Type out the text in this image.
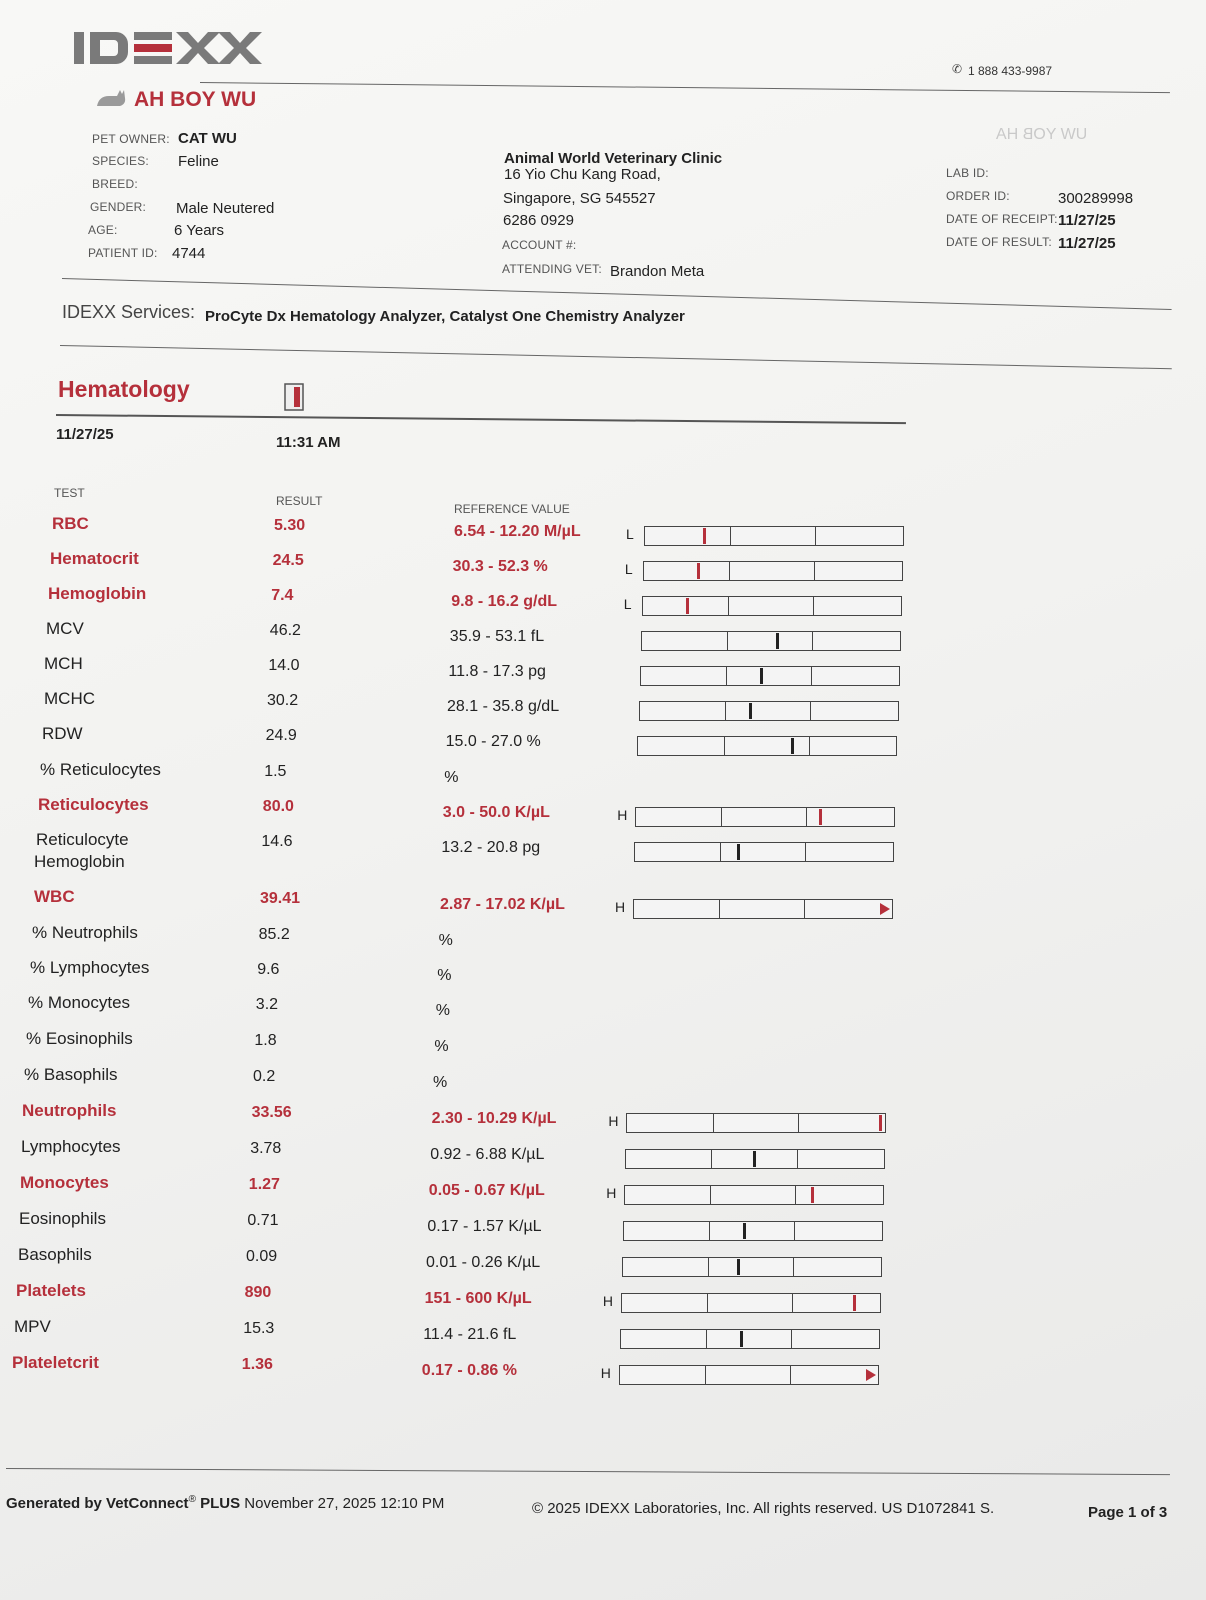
✆ 1 888 433-9987
AH BOY WU
PET OWNER: CAT WU
SPECIES: Feline
BREED:
GENDER: Male Neutered
AGE:	6 Years
PATIENT ID: 4744
Animal World Veterinary Clinic
16 Yio Chu Kang Road,
Singapore, SG 545527
6286 0929
ACCOUNT #:
ATTENDING VET: Brandon Meta
LAB ID:
ORDER ID:	300289998
DATE OF RECEIPT: 11/27/25
DATE OF RESULT: 11/27/25
IDEXX Services: ProCyte Dx Hematology Analyzer, Catalyst One Chemistry Analyzer
Hematology
11/27/25	11:31 AM
TEST
RESULT
REFERENCE VALUE
RBC	5.30	6.54 - 12.20 M/µL	L
Hematocrit	24.5	30.3 - 52.3 %	L
Hemoglobin	7.4	9.8 - 16.2 g/dL	L
MCV	46.2	35.9 - 53.1 fL
MCH	14.0	11.8 - 17.3 pg
MCHC	30.2	28.1 - 35.8 g/dL
RDW	24.9	15.0 - 27.0 %
% Reticulocytes	1.5	%
Reticulocytes	80.0	3.0 - 50.0 K/µL	H
Reticulocyte
Hemoglobin
14.6	13.2 - 20.8 pg
WBC	39.41	2.87 - 17.02 K/µL	H
% Neutrophils	85.2	%
% Lymphocytes	9.6	%
% Monocytes	3.2	%
% Eosinophils	1.8	%
% Basophils	0.2	%
Neutrophils	33.56	2.30 - 10.29 K/µL	H
Lymphocytes	3.78	0.92 - 6.88 K/µL
Monocytes	1.27	0.05 - 0.67 K/µL	H
Eosinophils	0.71	0.17 - 1.57 K/µL
Basophils	0.09	0.01 - 0.26 K/µL
Platelets	890	151 - 600 K/µL	H
MPV	15.3	11.4 - 21.6 fL
Plateletcrit	1.36	0.17 - 0.86 %	H
UW YOB HA
Generated by VetConnect® PLUS November 27, 2025 12:10 PM	© 2025 IDEXX Laboratories, Inc. All rights reserved. US D1072841 S.	Page 1 of 3
